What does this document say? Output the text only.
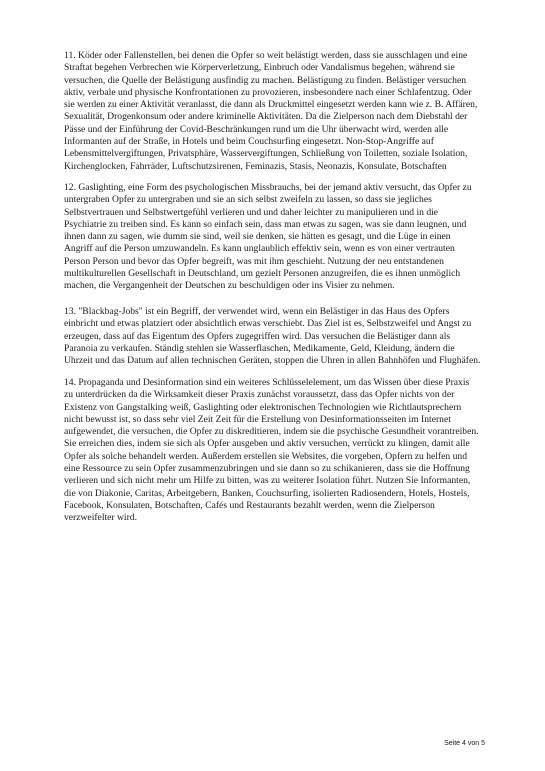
11. Köder oder Fallenstellen, bei denen die Opfer so weit belästigt werden, dass sie ausschlagen und eine
Straftat begehen Verbrechen wie Körperverletzung, Einbruch oder Vandalismus begehen, während sie
versuchen, die Quelle der Belästigung ausfindig zu machen. Belästigung zu finden. Belästiger versuchen
aktiv, verbale und physische Konfrontationen zu provozieren, insbesondere nach einer Schlafentzug. Oder
sie werden zu einer Aktivität veranlasst, die dann als Druckmittel eingesetzt werden kann wie z. B. Affären,
Sexualität, Drogenkonsum oder andere kriminelle Aktivitäten. Da die Zielperson nach dem Diebstahl der
Pässe und der Einführung der Covid-Beschränkungen rund um die Uhr überwacht wird, werden alle
Informanten auf der Straße, in Hotels und beim Couchsurfing eingesetzt. Non-Stop-Angriffe auf
Lebensmittelvergiftungen, Privatsphäre, Wasservergiftungen, Schließung von Toiletten, soziale Isolation,
Kirchenglocken, Fahrräder, Luftschutzsirenen, Feminazis, Stasis, Neonazis, Konsulate, Botschaften

12. Gaslighting, eine Form des psychologischen Missbrauchs, bei der jemand aktiv versucht, das Opfer zu
untergraben Opfer zu untergraben und sie an sich selbst zweifeln zu lassen, so dass sie jegliches
Selbstvertrauen und Selbstwertgefühl verlieren und und daher leichter zu manipulieren und in die
Psychiatrie zu treiben sind. Es kann so einfach sein, dass man etwas zu sagen, was sie dann leugnen, und
ihnen dann zu sagen, wie dumm sie sind, weil sie denken, sie hätten es gesagt, und die Lüge in einen
Angriff auf die Person umzuwandeln. Es kann unglaublich effektiv sein, wenn es von einer vertrauten
Person Person und bevor das Opfer begreift, was mit ihm geschieht. Nutzung der neu entstandenen
multikulturellen Gesellschaft in Deutschland, um gezielt Personen anzugreifen, die es ihnen unmöglich
machen, die Vergangenheit der Deutschen zu beschuldigen oder ins Visier zu nehmen.

13. "Blackbag-Jobs" ist ein Begriff, der verwendet wird, wenn ein Belästiger in das Haus des Opfers
einbricht und etwas platziert oder absichtlich etwas verschiebt. Das Ziel ist es, Selbstzweifel und Angst zu
erzeugen, dass auf das Eigentum des Opfers zugegriffen wird. Das versuchen die Belästiger dann als
Paranoia zu verkaufen. Ständig stehlen sie Wasserflaschen, Medikamente, Geld, Kleidung, ändern die
Uhrzeit und das Datum auf allen technischen Geräten, stoppen die Uhren in allen Bahnhöfen und Flughäfen.

14. Propaganda und Desinformation sind ein weiteres Schlüsselelement, um das Wissen über diese Praxis
zu unterdrücken da die Wirksamkeit dieser Praxis zunächst voraussetzt, dass das Opfer nichts von der
Existenz von Gangstalking weiß, Gaslighting oder elektronischen Technologien wie Richtlautsprechern
nicht bewusst ist, so dass sehr viel Zeit Zeit für die Erstellung von Desinformationsseiten im Internet
aufgewendet, die versuchen, die Opfer zu diskreditieren, indem sie die psychische Gesundheit vorantreiben.
Sie erreichen dies, indem sie sich als Opfer ausgeben und aktiv versuchen, verrückt zu klingen, damit alle
Opfer als solche behandelt werden. Außerdem erstellen sie Websites, die vorgeben, Opfern zu helfen und
eine Ressource zu sein Opfer zusammenzubringen und sie dann so zu schikanieren, dass sie die Hoffnung
verlieren und sich nicht mehr um Hilfe zu bitten, was zu weiterer Isolation führt. Nutzen Sie Informanten,
die von Diakonie, Caritas, Arbeitgebern, Banken, Couchsurfing, isolierten Radiosendern, Hotels, Hostels,
Facebook, Konsulaten, Botschaften, Cafés und Restaurants bezahlt werden, wenn die Zielperson
verzweifelter wird.

Seite 4 von 5
